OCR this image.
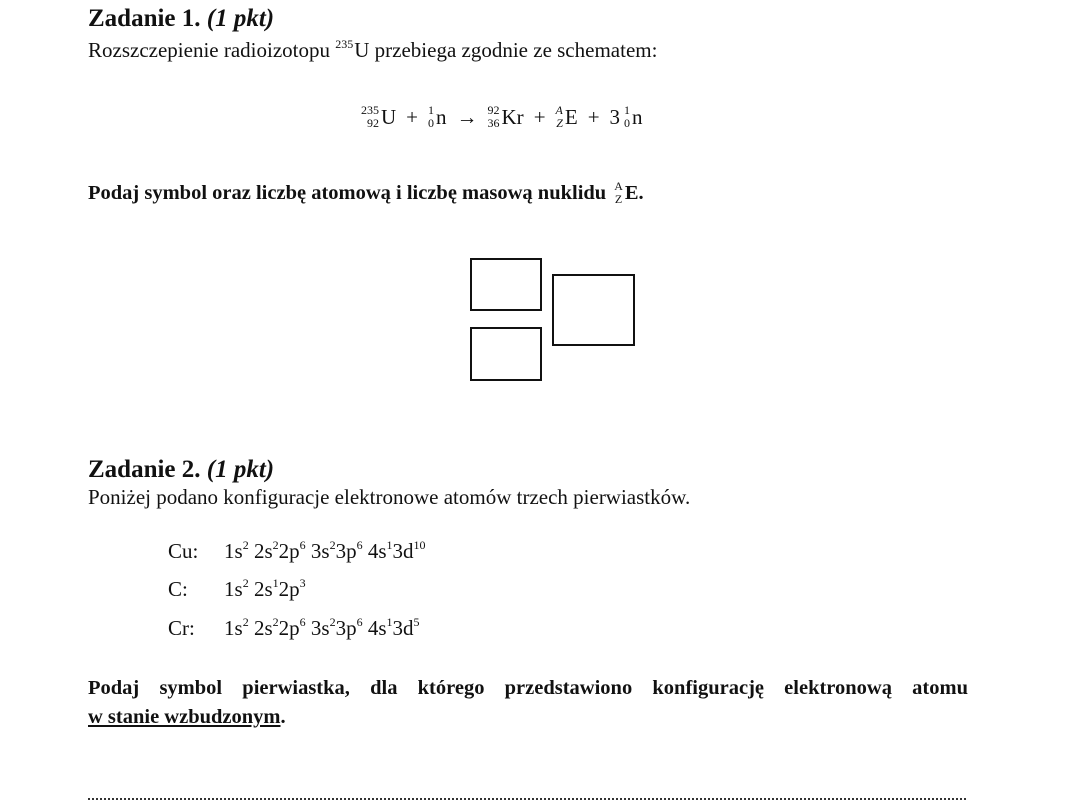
Zadanie 1. (1 pkt)
Rozszczepienie radioizotopu $^{235}$U przebiega zgodnie ze schematem:
235
92 U + 1
0 n → 92
36 Kr + A
Z E + 3 1
0 n
Podaj symbol oraz liczbę atomową i liczbę masową nuklidu A
Z E .
Zadanie 2. (1 pkt)
Poniżej podano konfiguracje elektronowe atomów trzech pierwiastków.
Cu: $1s^2$ $2s^22p^6$ $3s^23p^6$ $4s^13d^{10}$
C: $1s^2$ $2s^12p^3$
Cr: $1s^2$ $2s^22p^6$ $3s^23p^6$ $4s^13d^5$
Podaj symbol pierwiastka, dla którego przedstawiono konfigurację elektronową atomu
w stanie wzbudzonym.
